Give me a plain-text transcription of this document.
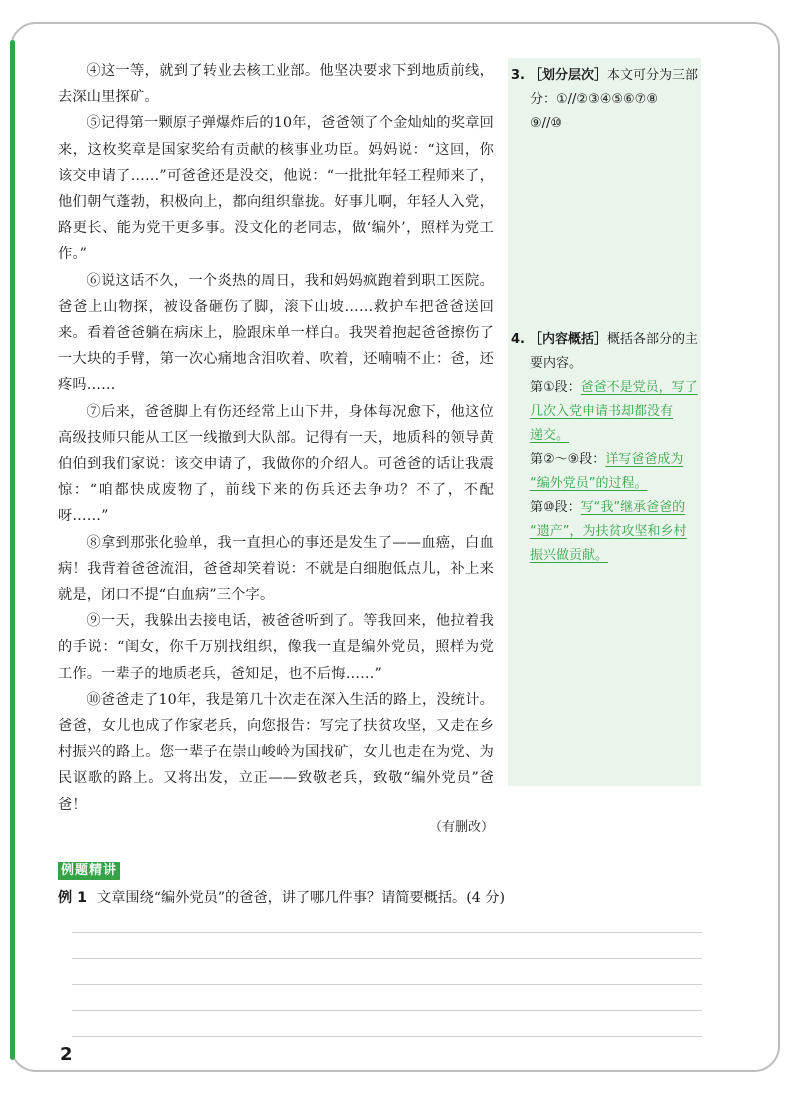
④这一等，就到了转业去核工业部。他坚决要求下到地质前线，去深山里探矿。

⑤记得第一颗原子弹爆炸后的10年，爸爸领了个金灿灿的奖章回来，这枚奖章是国家奖给有贡献的核事业功臣。妈妈说：“这回，你该交申请了……”可爸爸还是没交，他说：“一批批年轻工程师来了，他们朝气蓬勃，积极向上，都向组织靠拢。好事儿啊，年轻人入党，路更长、能为党干更多事。没文化的老同志，做‘编外’，照样为党工作。”

⑥说这话不久，一个炎热的周日，我和妈妈疯跑着到职工医院。爸爸上山物探，被设备砸伤了脚，滚下山坡……救护车把爸爸送回来。看着爸爸躺在病床上，脸跟床单一样白。我哭着抱起爸爸擦伤了一大块的手臂，第一次心痛地含泪吹着、吹着，还喃喃不止：爸，还疼吗……

⑦后来，爸爸脚上有伤还经常上山下井，身体每况愈下，他这位高级技师只能从工区一线撤到大队部。记得有一天，地质科的领导黄伯伯到我们家说：该交申请了，我做你的介绍人。可爸爸的话让我震惊：“咱都快成废物了，前线下来的伤兵还去争功？不了，不配呀……”

⑧拿到那张化验单，我一直担心的事还是发生了——血癌，白血病！我背着爸爸流泪，爸爸却笑着说：不就是白细胞低点儿，补上来就是，闭口不提“白血病”三个字。

⑨一天，我躲出去接电话，被爸爸听到了。等我回来，他拉着我的手说：“闺女，你千万别找组织，像我一直是编外党员，照样为党工作。一辈子的地质老兵，爸知足，也不后悔……”

⑩爸爸走了10年，我是第几十次走在深入生活的路上，没统计。爸爸，女儿也成了作家老兵，向您报告：写完了扶贫攻坚，又走在乡村振兴的路上。您一辈子在崇山峻岭为国找矿，女儿也走在为党、为民讴歌的路上。又将出发，立正——致敬老兵，致敬“编外党员”爸爸！

（有删改）
3. ［划分层次］本文可分为三部
分：①//②③④⑤⑥⑦⑧
⑨//⑩
4. ［内容概括］概括各部分的主
要内容。
第①段：爸爸不是党员，写了
几次入党申请书却都没有
递交。
第②～⑨段：详写爸爸成为
“编外党员”的过程。
第⑩段：写“我”继承爸爸的
“遗产”，为扶贫攻坚和乡村
振兴做贡献。
例题精讲
例 1 文章围绕“编外党员”的爸爸，讲了哪几件事？请简要概括。(4 分)
2
